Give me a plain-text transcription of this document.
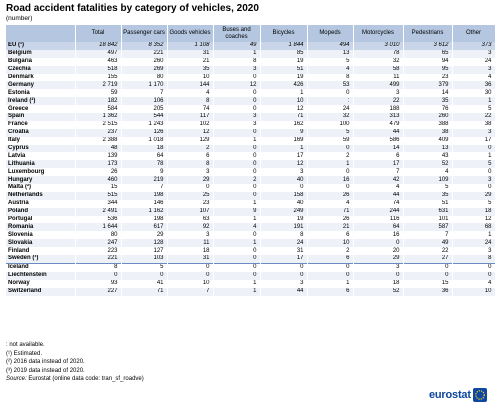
Road accident fatalities by category of vehicles, 2020
(number)
	Total	Passenger cars	Goods vehicles	Buses and coaches	Bicycles	Mopeds	Motorcycles	Pedestrians	Other
EU (¹)	18 842	8 352	1 108	49	1 844	494	3 010	3 612	373
Belgium	497	221	31	1	85	13	78	65	3
Bulgaria	463	260	21	8	19	5	32	94	24
Czechia	518	269	35	3	51	4	58	95	3
Denmark	155	80	10	0	19	8	11	23	4
Germany	2 719	1 170	144	12	426	53	499	379	36
Estonia	59	7	4	0	1	0	3	14	30
Ireland (²)	182	106	8	0	10	:	22	35	1
Greece	584	205	74	0	12	24	188	76	5
Spain	1 362	544	117	3	71	32	313	260	22
France	2 515	1 243	102	3	162	100	479	388	38
Croatia	237	126	12	0	9	5	44	38	3
Italy	2 388	1 018	129	1	169	59	586	409	17
Cyprus	48	18	2	0	1	0	14	13	0
Latvia	139	64	6	0	17	2	6	43	1
Lithuania	173	78	8	0	12	1	17	52	5
Luxembourg	26	9	3	0	3	0	7	4	0
Hungary	460	219	29	2	40	16	42	109	3
Malta (²)	15	7	0	0	0	0	4	5	0
Netherlands	515	198	25	0	158	26	44	35	29
Austria	344	146	23	1	40	4	74	51	5
Poland	2 491	1 162	107	9	249	71	244	631	18
Portugal	536	198	63	1	19	26	116	101	12
Romania	1 644	617	92	4	191	21	64	587	68
Slovenia	80	29	3	0	8	6	16	7	1
Slovakia	247	128	11	1	24	10	0	49	24
Finland	223	127	18	0	31	2	20	22	3
Sweden (³)	221	103	31	0	17	6	29	27	8
Iceland	8	5	0	0	0	0	3	0	0
Liechtenstein	0	0	0	0	0	0	0	0	0
Norway	93	41	10	1	3	1	18	15	4
Switzerland	227	71	7	1	44	6	52	36	10
: not available.
(¹) Estimated.
(²) 2016 data instead of 2020.
(³) 2019 data instead of 2020.
Source: Eurostat (online data code: tran_sf_roadve)
eurostat
